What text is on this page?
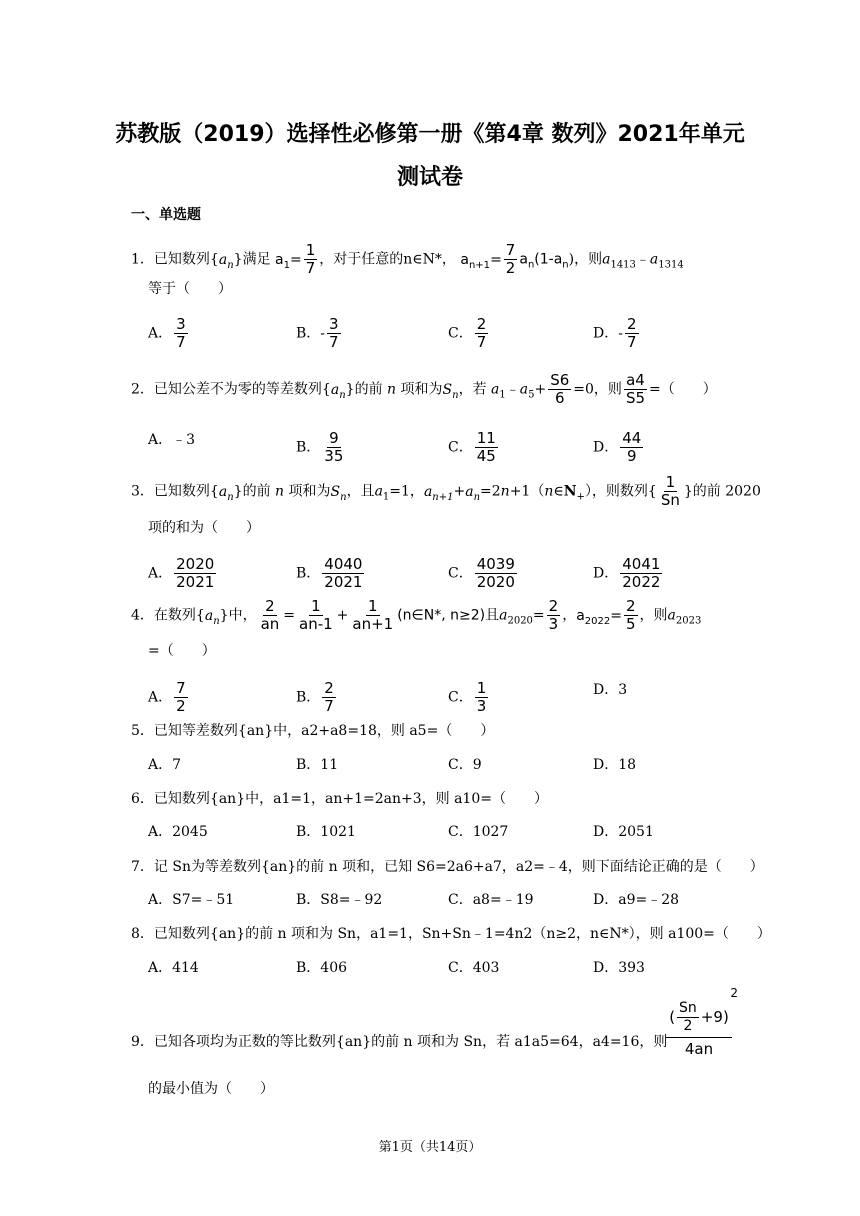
苏教版（2019）选择性必修第一册《第4章 数列》2021年单元
测试卷
一、单选题
1．已知数列$\{a_n\}$满足 $a_1= \frac{1}{7}$ ，对于任意的n∈N*， $a_{n+1}= \frac{7}{2} a_n(1-a_n)$，则$a_{1413}﹣a_{1314}$
等于（　　）
A． $\frac{3}{7}$	B．- $\frac{3}{7}$	C． $\frac{2}{7}$	D．- $\frac{2}{7}$
2．已知公差不为零的等差数列$\{a_n\}$的前 n 项和为$S_n$，若 $a_1﹣a_5+ \frac{S6}{6} =0$，则 $\frac{a4}{S5}$ =（　　）
A．﹣3	B． $\frac{9}{35}$	C． $\frac{11}{45}$	D． $\frac{44}{9}$
3．已知数列$\{a_n\}$的前 n 项和为$S_n$，且$a_1=1$，$a_{n+1}+a_n=2n+1(n\in N_+)$，则数列{ $\frac{1}{Sn}$ }的前 2020
项的和为（　　）
A． $\frac{2020}{2021}$	B． $\frac{4040}{2021}$	C． $\frac{4039}{2020}$	D． $\frac{4041}{2022}$
4．在数列$\{a_n\}$中， $\frac{2}{an} = \frac{1}{an-1} + \frac{1}{an+1}$ (n∈N*, n≥2)且$a_{2020}= \frac{2}{3}$ ，$a_{2022}= \frac{2}{5}$ ，则$a_{2023}$
=（　　）
A． $\frac{7}{2}$	B． $\frac{2}{7}$	C． $\frac{1}{3}$	D．3
5．已知等差数列{an}中，a2+a8=18，则 a5=（　　）
A．7	B．11	C．9	D．18
6．已知数列{an}中，a1=1，an+1=2an+3，则 a10=（　　）
A．2045	B．1021	C．1027	D．2051
7．记 Sn为等差数列{an}的前 n 项和，已知 S6=2a6+a7，a2=﹣4，则下面结论正确的是（　　）
A．S7=﹣51	B．S8=﹣92	C．a8=﹣19	D．a9=﹣28
8．已知数列{an}的前 n 项和为 Sn，a1=1，Sn+Sn﹣1=4n2（n≥2，n∈N*），则 a100=（　　）
A．414	B．406	C．403	D．393
9．已知各项均为正数的等比数列{an}的前 n 项和为 Sn，若 a1a5=64，a4=16，则
( $\frac{Sn}{2} +9$)
2
4an
的最小值为（　　）
第1页（共14页）
